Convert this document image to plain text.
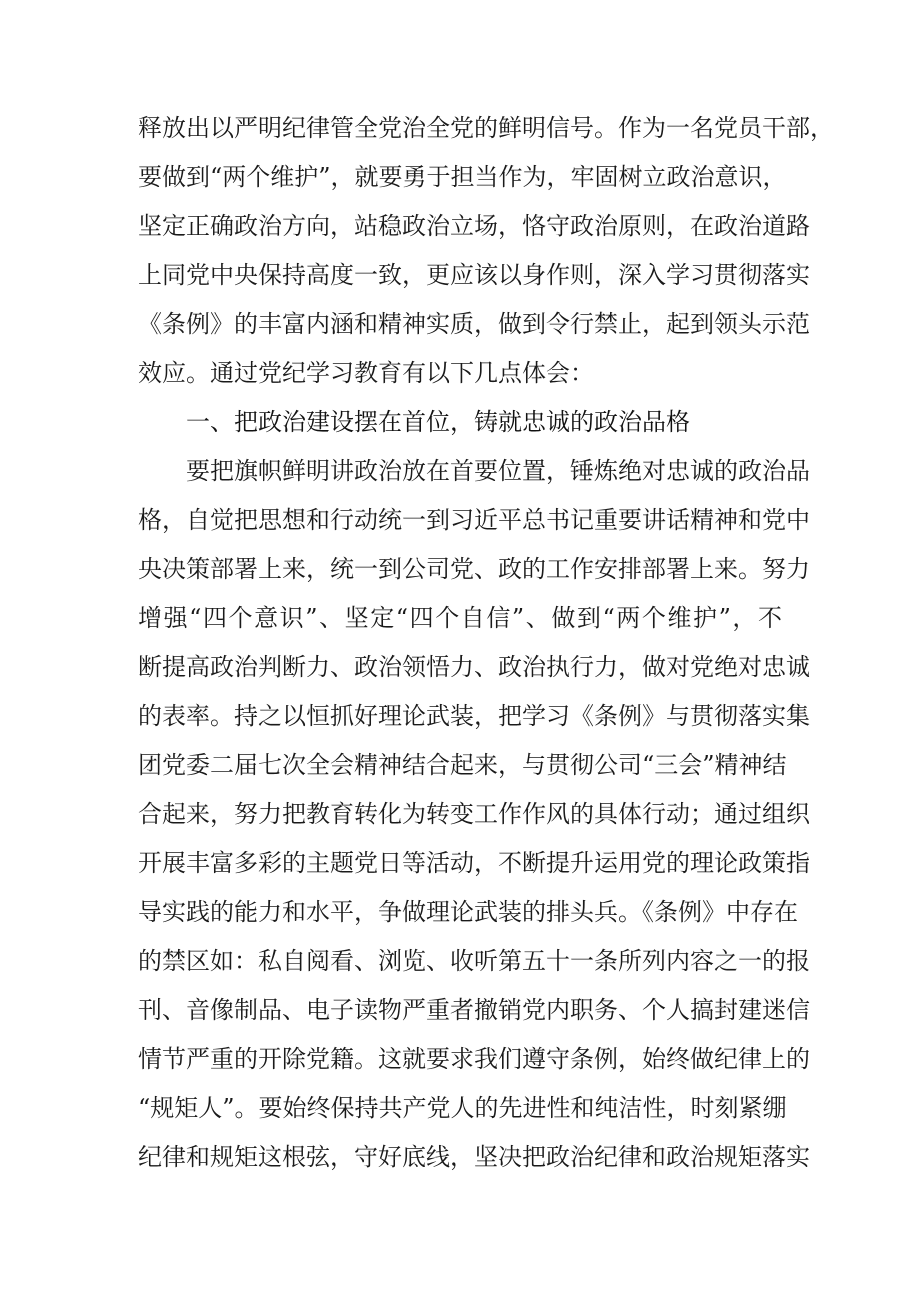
释放出以严明纪律管全党治全党的鲜明信号。作为一名党员干部，
要做到“两个维护”，就要勇于担当作为，牢固树立政治意识，
坚定正确政治方向，站稳政治立场，恪守政治原则，在政治道路
上同党中央保持高度一致，更应该以身作则，深入学习贯彻落实
《条例》的丰富内涵和精神实质，做到令行禁止，起到领头示范
效应。通过党纪学习教育有以下几点体会：
一、把政治建设摆在首位，铸就忠诚的政治品格
要把旗帜鲜明讲政治放在首要位置，锤炼绝对忠诚的政治品
格，自觉把思想和行动统一到习近平总书记重要讲话精神和党中
央决策部署上来，统一到公司党、政的工作安排部署上来。努力
增强“四个意识”、坚定“四个自信”、做到“两个维护”，不
断提高政治判断力、政治领悟力、政治执行力，做对党绝对忠诚
的表率。持之以恒抓好理论武装，把学习《条例》与贯彻落实集
团党委二届七次全会精神结合起来，与贯彻公司“三会”精神结
合起来，努力把教育转化为转变工作作风的具体行动；通过组织
开展丰富多彩的主题党日等活动，不断提升运用党的理论政策指
导实践的能力和水平，争做理论武装的排头兵。《条例》中存在
的禁区如：私自阅看、浏览、收听第五十一条所列内容之一的报
刊、音像制品、电子读物严重者撤销党内职务、个人搞封建迷信
情节严重的开除党籍。这就要求我们遵守条例，始终做纪律上的
“规矩人”。要始终保持共产党人的先进性和纯洁性，时刻紧绷
纪律和规矩这根弦，守好底线，坚决把政治纪律和政治规矩落实
